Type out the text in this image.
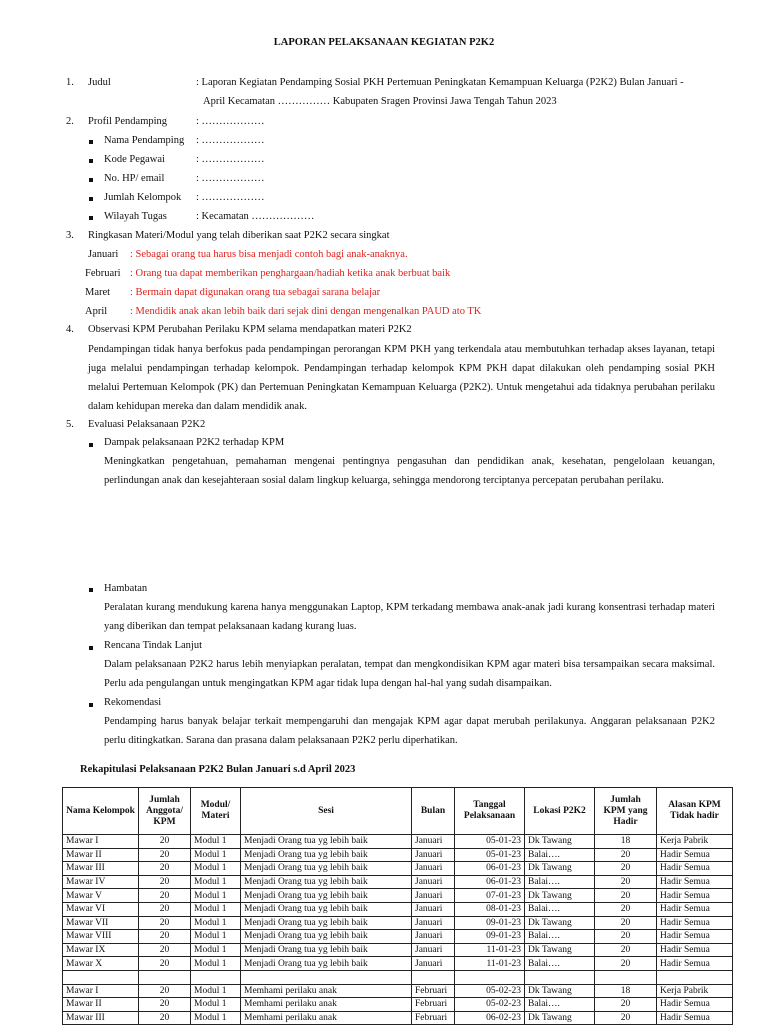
LAPORAN PELAKSANAAN KEGIATAN P2K2
1. Judul	: Laporan Kegiatan Pendamping Sosial PKH Pertemuan Peningkatan Kemampuan Keluarga (P2K2) Bulan Januari -
April Kecamatan …………… Kabupaten Sragen Provinsi Jawa Tengah Tahun 2023
2. Profil Pendamping	: ………………
Nama Pendamping : ………………
Kode Pegawai	: ………………
No. HP/ email	: ………………
Jumlah Kelompok : ………………
Wilayah Tugas	: Kecamatan ………………
3. Ringkasan Materi/Modul yang telah diberikan saat P2K2 secara singkat
Januari : Sebagai orang tua harus bisa menjadi contoh bagi anak-anaknya.
Februari : Orang tua dapat memberikan penghargaan/hadiah ketika anak berbuat baik
Maret : Bermain dapat digunakan orang tua sebagai sarana belajar
April : Mendidik anak akan lebih baik dari sejak dini dengan mengenalkan PAUD ato TK
4. Observasi KPM Perubahan Perilaku KPM selama mendapatkan materi P2K2
Pendampingan tidak hanya berfokus pada pendampingan perorangan KPM PKH yang terkendala atau membutuhkan terhadap akses layanan, tetapi juga melalui pendampingan terhadap kelompok. Pendampingan terhadap kelompok KPM PKH dapat dilakukan oleh pendamping sosial PKH melalui Pertemuan Kelompok (PK) dan Pertemuan Peningkatan Kemampuan Keluarga (P2K2). Untuk mengetahui ada tidaknya perubahan perilaku dalam kehidupan mereka dan dalam mendidik anak.
5. Evaluasi Pelaksanaan P2K2
Dampak pelaksanaan P2K2 terhadap KPM
Meningkatkan pengetahuan, pemahaman mengenai pentingnya pengasuhan dan pendidikan anak, kesehatan, pengelolaan keuangan, perlindungan anak dan kesejahteraan sosial dalam lingkup keluarga, sehingga mendorong terciptanya percepatan perubahan perilaku.
Hambatan
Peralatan kurang mendukung karena hanya menggunakan Laptop, KPM terkadang membawa anak-anak jadi kurang konsentrasi terhadap materi yang diberikan dan tempat pelaksanaan kadang kurang luas.
Rencana Tindak Lanjut
Dalam pelaksanaan P2K2 harus lebih menyiapkan peralatan, tempat dan mengkondisikan KPM agar materi bisa tersampaikan secara maksimal. Perlu ada pengulangan untuk mengingatkan KPM agar tidak lupa dengan hal-hal yang sudah disampaikan.
Rekomendasi
Pendamping harus banyak belajar terkait mempengaruhi dan mengajak KPM agar dapat merubah perilakunya. Anggaran pelaksanaan P2K2 perlu ditingkatkan. Sarana dan prasana dalam pelaksanaan P2K2 perlu diperhatikan.
Rekapitulasi Pelaksanaan P2K2 Bulan Januari s.d April 2023
Nama Kelompok	Jumlah Anggota/ KPM	Modul/ Materi	Sesi	Bulan	Tanggal Pelaksanaan	Lokasi P2K2	Jumlah KPM yang Hadir	Alasan KPM Tidak hadir
Mawar I	20	Modul 1	Menjadi Orang tua yg lebih baik	Januari	05-01-23	Dk Tawang	18	Kerja Pabrik
Mawar II	20	Modul 1	Menjadi Orang tua yg lebih baik	Januari	05-01-23	Balai….	20	Hadir Semua
Mawar III	20	Modul 1	Menjadi Orang tua yg lebih baik	Januari	06-01-23	Dk Tawang	20	Hadir Semua
Mawar IV	20	Modul 1	Menjadi Orang tua yg lebih baik	Januari	06-01-23	Balai….	20	Hadir Semua
Mawar V	20	Modul 1	Menjadi Orang tua yg lebih baik	Januari	07-01-23	Dk Tawang	20	Hadir Semua
Mawar VI	20	Modul 1	Menjadi Orang tua yg lebih baik	Januari	08-01-23	Balai….	20	Hadir Semua
Mawar VII	20	Modul 1	Menjadi Orang tua yg lebih baik	Januari	09-01-23	Dk Tawang	20	Hadir Semua
Mawar VIII	20	Modul 1	Menjadi Orang tua yg lebih baik	Januari	09-01-23	Balai….	20	Hadir Semua
Mawar IX	20	Modul 1	Menjadi Orang tua yg lebih baik	Januari	11-01-23	Dk Tawang	20	Hadir Semua
Mawar X	20	Modul 1	Menjadi Orang tua yg lebih baik	Januari	11-01-23	Balai….	20	Hadir Semua

Mawar I	20	Modul 1	Memhami perilaku anak	Februari	05-02-23	Dk Tawang	18	Kerja Pabrik
Mawar II	20	Modul 1	Memhami perilaku anak	Februari	05-02-23	Balai….	20	Hadir Semua
Mawar III	20	Modul 1	Memhami perilaku anak	Februari	06-02-23	Dk Tawang	20	Hadir Semua
